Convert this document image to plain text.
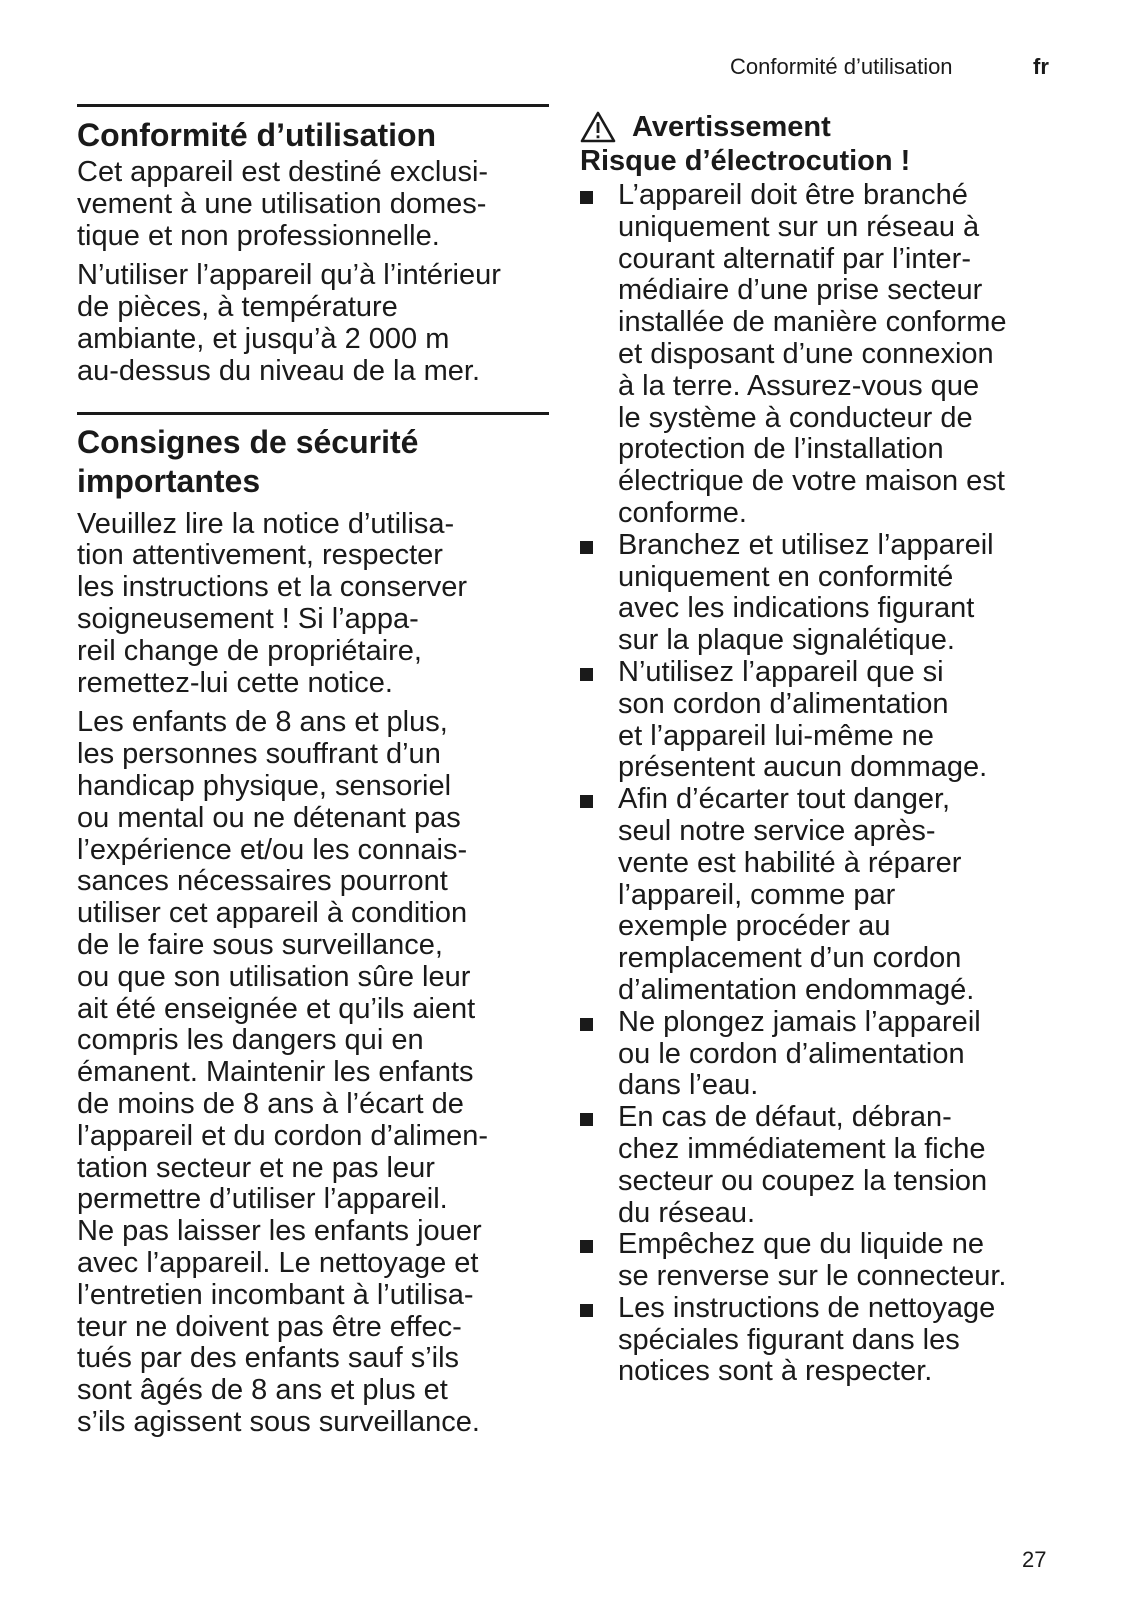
Conformité d’utilisation	fr
Conformité d’utilisation

Cet appareil est destiné exclusi-
vement à une utilisation domes-
tique et non professionnelle.

N’utiliser l’appareil qu’à l’intérieur
de pièces, à température
ambiante, et jusqu’à 2 000 m
au-dessus du niveau de la mer.

Consignes de sécurité
importantes

Veuillez lire la notice d’utilisa-
tion attentivement, respecter
les instructions et la conserver
soigneusement ! Si l’appa-
reil change de propriétaire,
remettez-lui cette notice.

Les enfants de 8 ans et plus,
les personnes souffrant d’un
handicap physique, sensoriel
ou mental ou ne détenant pas
l’expérience et/ou les connais-
sances nécessaires pourront
utiliser cet appareil à condition
de le faire sous surveillance,
ou que son utilisation sûre leur
ait été enseignée et qu’ils aient
compris les dangers qui en
émanent. Maintenir les enfants
de moins de 8 ans à l’écart de
l’appareil et du cordon d’alimen-
tation secteur et ne pas leur
permettre d’utiliser l’appareil.
Ne pas laisser les enfants jouer
avec l’appareil. Le nettoyage et
l’entretien incombant à l’utilisa-
teur ne doivent pas être effec-
tués par des enfants sauf s’ils
sont âgés de 8 ans et plus et
s’ils agissent sous surveillance.

Avertissement
Risque d’électrocution !
L’appareil doit être branché
uniquement sur un réseau à
courant alternatif par l’inter-
médiaire d’une prise secteur
installée de manière conforme
et disposant d’une connexion
à la terre. Assurez-vous que
le système à conducteur de
protection de l’installation
électrique de votre maison est
conforme.
Branchez et utilisez l’appareil
uniquement en conformité
avec les indications figurant
sur la plaque signalétique.
N’utilisez l’appareil que si
son cordon d’alimentation
et l’appareil lui-même ne
présentent aucun dommage.
Afin d’écarter tout danger,
seul notre service après-
vente est habilité à réparer
l’appareil, comme par
exemple procéder au
remplacement d’un cordon
d’alimentation endommagé.
Ne plongez jamais l’appareil
ou le cordon d’alimentation
dans l’eau.
En cas de défaut, débran-
chez immédiatement la fiche
secteur ou coupez la tension
du réseau.
Empêchez que du liquide ne
se renverse sur le connecteur.
Les instructions de nettoyage
spéciales figurant dans les
notices sont à respecter.
27
